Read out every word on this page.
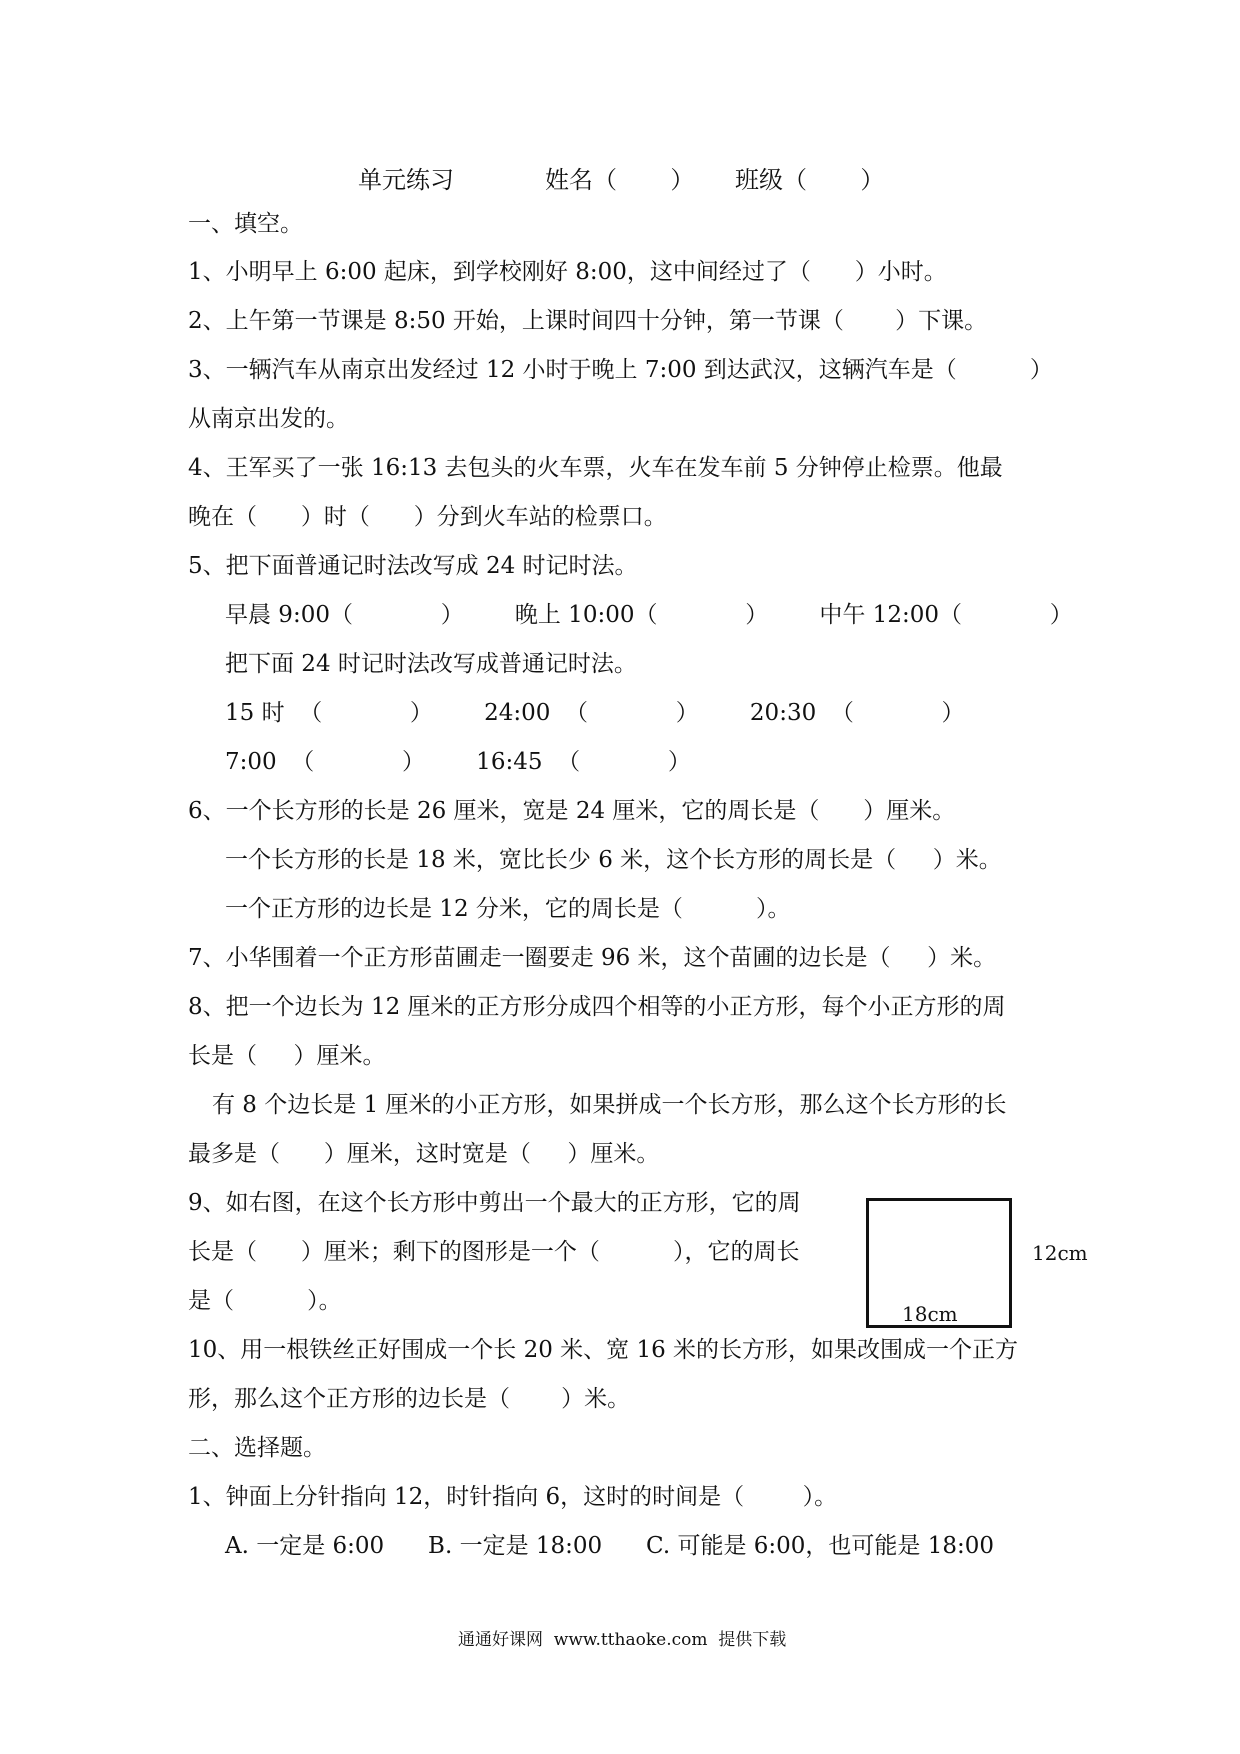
单元练习	姓名（       ） 班级（       ）
一、填空。
1、小明早上 6:00 起床，到学校刚好 8:00，这中间经过了（      ）小时。
2、上午第一节课是 8:50 开始，上课时间四十分钟，第一节课（       ）下课。
3、一辆汽车从南京出发经过 12 小时于晚上 7:00 到达武汉，这辆汽车是（          ）
从南京出发的。
4、王军买了一张 16:13 去包头的火车票，火车在发车前 5 分钟停止检票。他最
晚在（      ）时（      ）分到火车站的检票口。
5、把下面普通记时法改写成 24 时记时法。
早晨 9:00（            ）       晚上 10:00（            ）       中午 12:00（            ）
把下面 24 时记时法改写成普通记时法。
15 时  （            ）       24:00  （            ）       20:30  （            ）
7:00  （            ）       16:45  （            ）
6、一个长方形的长是 26 厘米，宽是 24 厘米，它的周长是（      ）厘米。
一个长方形的长是 18 米，宽比长少 6 米，这个长方形的周长是（     ）米。
一个正方形的边长是 12 分米，它的周长是（          ）。
7、小华围着一个正方形苗圃走一圈要走 96 米，这个苗圃的边长是（     ）米。
8、把一个边长为 12 厘米的正方形分成四个相等的小正方形，每个小正方形的周
长是（     ）厘米。
有 8 个边长是 1 厘米的小正方形，如果拼成一个长方形，那么这个长方形的长
最多是（      ）厘米，这时宽是（     ）厘米。
9、如右图，在这个长方形中剪出一个最大的正方形，它的周
长是（      ）厘米；剩下的图形是一个（          ），它的周长
是（          ）。
12cm
18cm
10、用一根铁丝正好围成一个长 20 米、宽 16 米的长方形，如果改围成一个正方
形，那么这个正方形的边长是（       ）米。
二、选择题。
1、钟面上分针指向 12，时针指向 6，这时的时间是（        ）。
A. 一定是 6:00      B. 一定是 18:00      C. 可能是 6:00，也可能是 18:00
通通好课网  www.tthaoke.com  提供下载
